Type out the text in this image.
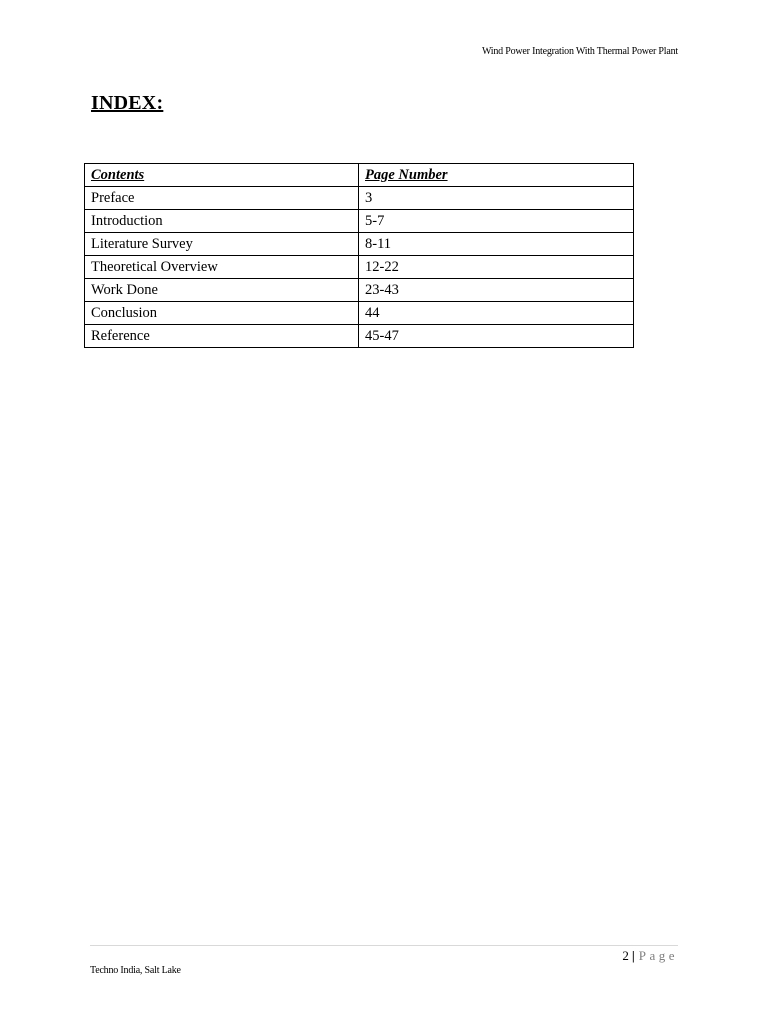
Wind Power Integration With Thermal Power Plant
INDEX:
Contents	Page Number
Preface	3
Introduction	5-7
Literature Survey	8-11
Theoretical Overview	12-22
Work Done	23-43
Conclusion	44
Reference	45-47
2 | Page
Techno India, Salt Lake
